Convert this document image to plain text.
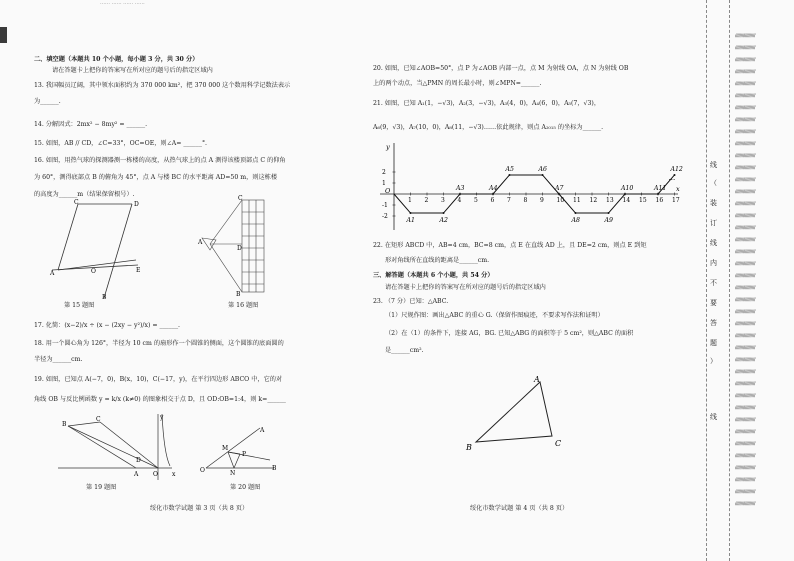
…… …… …… ……
二、填空题（本题共 10 个小题，每小题 3 分，共 30 分）
请在答题卡上把你的答案写在所对应的题号后的指定区域内
13. 我国幅员辽阔，其中领水面积约为 370 000 km²，把 370 000 这个数用科学记数法表示
为______.
14. 分解因式：2mx² − 8my² = ______.
15. 如图，AB // CD，∠C=33°，OC=OE，则∠A= ______°.
16. 如图，用热气球的探测器测一栋楼的高度，从热气球上的点 A 测得该楼顶部点 C 的仰角
为 60°，测得底部点 B 的俯角为 45°，点 A 与楼 BC 的水平距离 AD=50 m，则这栋楼
的高度为______m（结果保留根号）.
C	D
E
O
A
B
第 15 题图
C
A
D
B
第 16 题图
17. 化简：(x−2)/x ÷ (x − (2xy − y²)/x) = ______.
18. 用一个圆心角为 126°，半径为 10 cm 的扇形作一个圆锥的侧面，这个圆锥的底面圆的
半径为______cm.
19. 如图，已知点 A(−7，0)，B(x，10)，C(−17，y)，在平行四边形 ABCO 中，它的对
角线 OB 与反比例函数 y = k/x (k≠0) 的图象相交于点 D，且 OD:OB=1:4，则 k=______
B
C
D
A O x
y
第 19 题图
M
A
P
N
B
O
第 20 题图
绥化市数学试题 第 3 页（共 8 页）
20. 如图，已知∠AOB=50°，点 P 为∠AOB 内部一点，点 M 为射线 OA，点 N 为射线 OB
上的两个动点，当△PMN 的周长最小时，则∠MPN=______.
21. 如图，已知 A₁(1，−√3)，A₂(3，−√3)，A₃(4，0)，A₄(6，0)，A₅(7，√3)，
A₆(9，√3)，A₇(10，0)，A₈(11，−√3)……依此规律，则点 A₂₀₁₅ 的坐标为______.
x
y
O
1 2 3 4 5 6 7 8 9 10 11 12 13 14 15 16 17
2
1
-1
-2
A1	A2
A3	A4
A5	A6
A7
A8	A9
A10	A11
A12
···
22. 在矩形 ABCD 中，AB=4 cm，BC=8 cm，点 E 在直线 AD 上，且 DE=2 cm，则点 E 到矩
形对角线所在直线的距离是______cm.
三、解答题（本题共 6 个小题，共 54 分）
请在答题卡上把你的答案写在所对应的题号后的指定区域内
23. （7 分）已知：△ABC.
（1）尺规作图：画出△ABC 的重心 G.（保留作图痕迹，不要求写作法和证明）
（2）在（1）的条件下，连接 AG，BG. 已知△ABG 的面积等于 5 cm²，则△ABC 的面积
是______cm².
A
B	C
绥化市数学试题 第 4 页（共 8 页）
//////////////////
//////////////////
//////////////////
//////////////////
//////////////////
//////////////////
//////////////////
//////////////////
//////////////////
//////////////////
//////////////////
//////////////////
//////////////////
//////////////////
//////////////////
//////////////////
//////////////////
//////////////////
//////////////////
//////////////////
//////////////////
//////////////////
//////////////////
//////////////////
//////////////////
//////////////////
//////////////////
//////////////////
//////////////////
//////////////////
//////////////////
//////////////////
//////////////////
//////////////////
//////////////////
//////////////////
//////////////////
//////////////////
//////////////////
//////////////////
线
（
装
订
线
内
不
要
答
题
）
线
